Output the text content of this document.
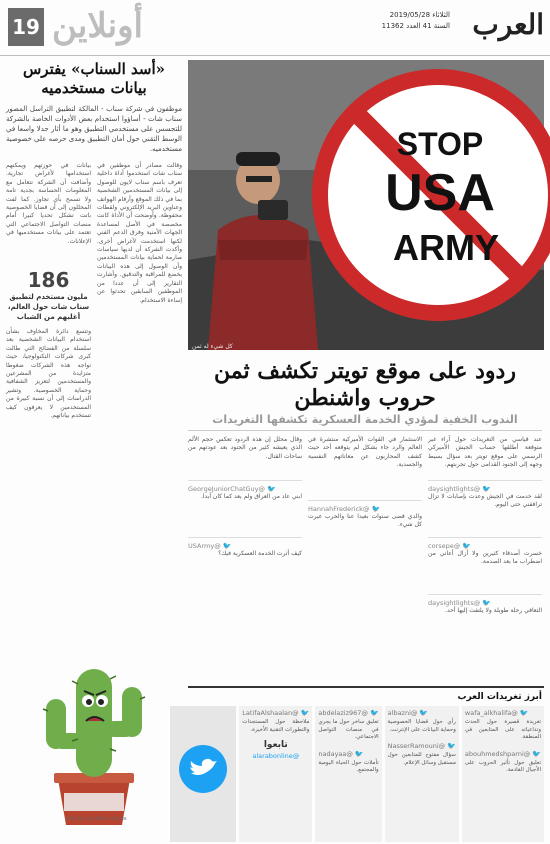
العرب
الثلاثاء 2019/05/28
السنة 41 العدد 11362
أونلاين
19
«أسد السناب» يفترس بيانات مستخدميه
موظفون في شركة سناب - المالكة لتطبيق التراسل المصور سناب شات - أساؤوا استخدام بعض الأدوات الخاصة بالشركة للتجسس على مستخدمي التطبيق وهو ما أثار جدلا واسعا في الوسط التقني حول أمان التطبيق ومدى حرصه على خصوصية مستخدميه.
وقالت مصادر أن موظفين في سناب شات استخدموا أداة داخلية تعرف باسم سناب لايون للوصول إلى بيانات المستخدمين الشخصية بما في ذلك الموقع وأرقام الهواتف وعناوين البريد الإلكتروني ولقطات محفوظة. وأوضحت أن الأداة كانت مخصصة في الأصل لمساعدة الجهات الأمنية وفرق الدعم الفني لكنها استخدمت لأغراض أخرى. وأكدت الشركة أن لديها سياسات صارمة لحماية بيانات المستخدمين وأن الوصول إلى هذه البيانات يخضع للمراقبة والتدقيق. وأشارت التقارير إلى أن عددا من الموظفين السابقين تحدثوا عن إساءة الاستخدام.
بيانات في حوزتهم ويمكنهم استخدامها لأغراض تجارية. وأضافت أن الشركة تتعامل مع المعلومات الحساسة بجدية تامة ولا تسمح بأي تجاوز. كما لفت المحللون إلى أن قضايا الخصوصية باتت تشكل تحديا كبيرا أمام منصات التواصل الاجتماعي التي تعتمد على بيانات مستخدميها في الإعلانات.
186
مليون مستخدم لتطبيق سناب شات حول العالم، أغلبهم من الشباب
وتتسع دائرة المخاوف بشأن استخدام البيانات الشخصية بعد سلسلة من الفضائح التي طالت كبرى شركات التكنولوجيا، حيث تواجه هذه الشركات ضغوطا متزايدة من المشرعين والمستخدمين لتعزيز الشفافية وحماية الخصوصية. وتشير الدراسات إلى أن نسبة كبيرة من المستخدمين لا يعرفون كيف تستخدم بياناتهم.
Cartoon by Nikola Listes
STOP
USA
ARMY
كل شيء له ثمن
ردود على موقع تويتر تكشف ثمن حروب واشنطن
الندوب الخفية لمؤدي الخدمة العسكرية تكشفها التغريدات
عند قياسي من التغريدات حول آراء غير متوقعة أطلقها حساب الجيش الأميركي الرسمي على موقع تويتر بعد سؤال بسيط وجهه إلى الجنود القدامى حول تجربتهم.
🐦
@daysightlights
لقد خدمت في الجيش وعدت بإصابات لا تزال ترافقني حتى اليوم.
🐦
@corsepe
خسرت أصدقاء كثيرين ولا أزال أعاني من اضطراب ما بعد الصدمة.
🐦
@daysightlights
التعافي رحلة طويلة ولا يلتفت إليها أحد.
الاستثمار في القوات الأميركية منتشرة في العالم والرد جاء بشكل لم يتوقعه أحد حيث كشف المحاربون عن معاناتهم النفسية والجسدية.
🐦
@HannahFrederick
والدي قضى سنوات بعيدا عنا والحرب غيرت كل شيء.
وقال محلل إن هذه الردود تعكس حجم الألم الذي يعيشه كثير من الجنود بعد عودتهم من ساحات القتال.
🐦
@GeorgeJuniorChatGuy
ابني عاد من العراق ولم يعد كما كان أبدا.
🐦
@USArmy
كيف أثرت الخدمة العسكرية فيك؟
أبرز تغريدات العرب
🐦
@wafa_alkhalifa
تغريدة قصيرة حول الحدث وتداعياته على المتابعين في المنطقة.
🐦
@abouhmedshparni
تعليق حول تأثير الحروب على الأجيال القادمة.
🐦
@albazni
رأي حول قضايا الخصوصية وحماية البيانات على الإنترنت.
🐦
@NasserRamouni
سؤال مفتوح للمتابعين حول مستقبل وسائل الإعلام.
🐦
@abdelaziz967
تعليق ساخر حول ما يجري في منصات التواصل الاجتماعي.
🐦
@nadayaa
تأملات حول الحياة اليومية والمجتمع.
🐦
@LatifaAlshaalan
ملاحظة حول المستجدات والتطورات التقنية الأخيرة.
تابعوا
@alarabonline
